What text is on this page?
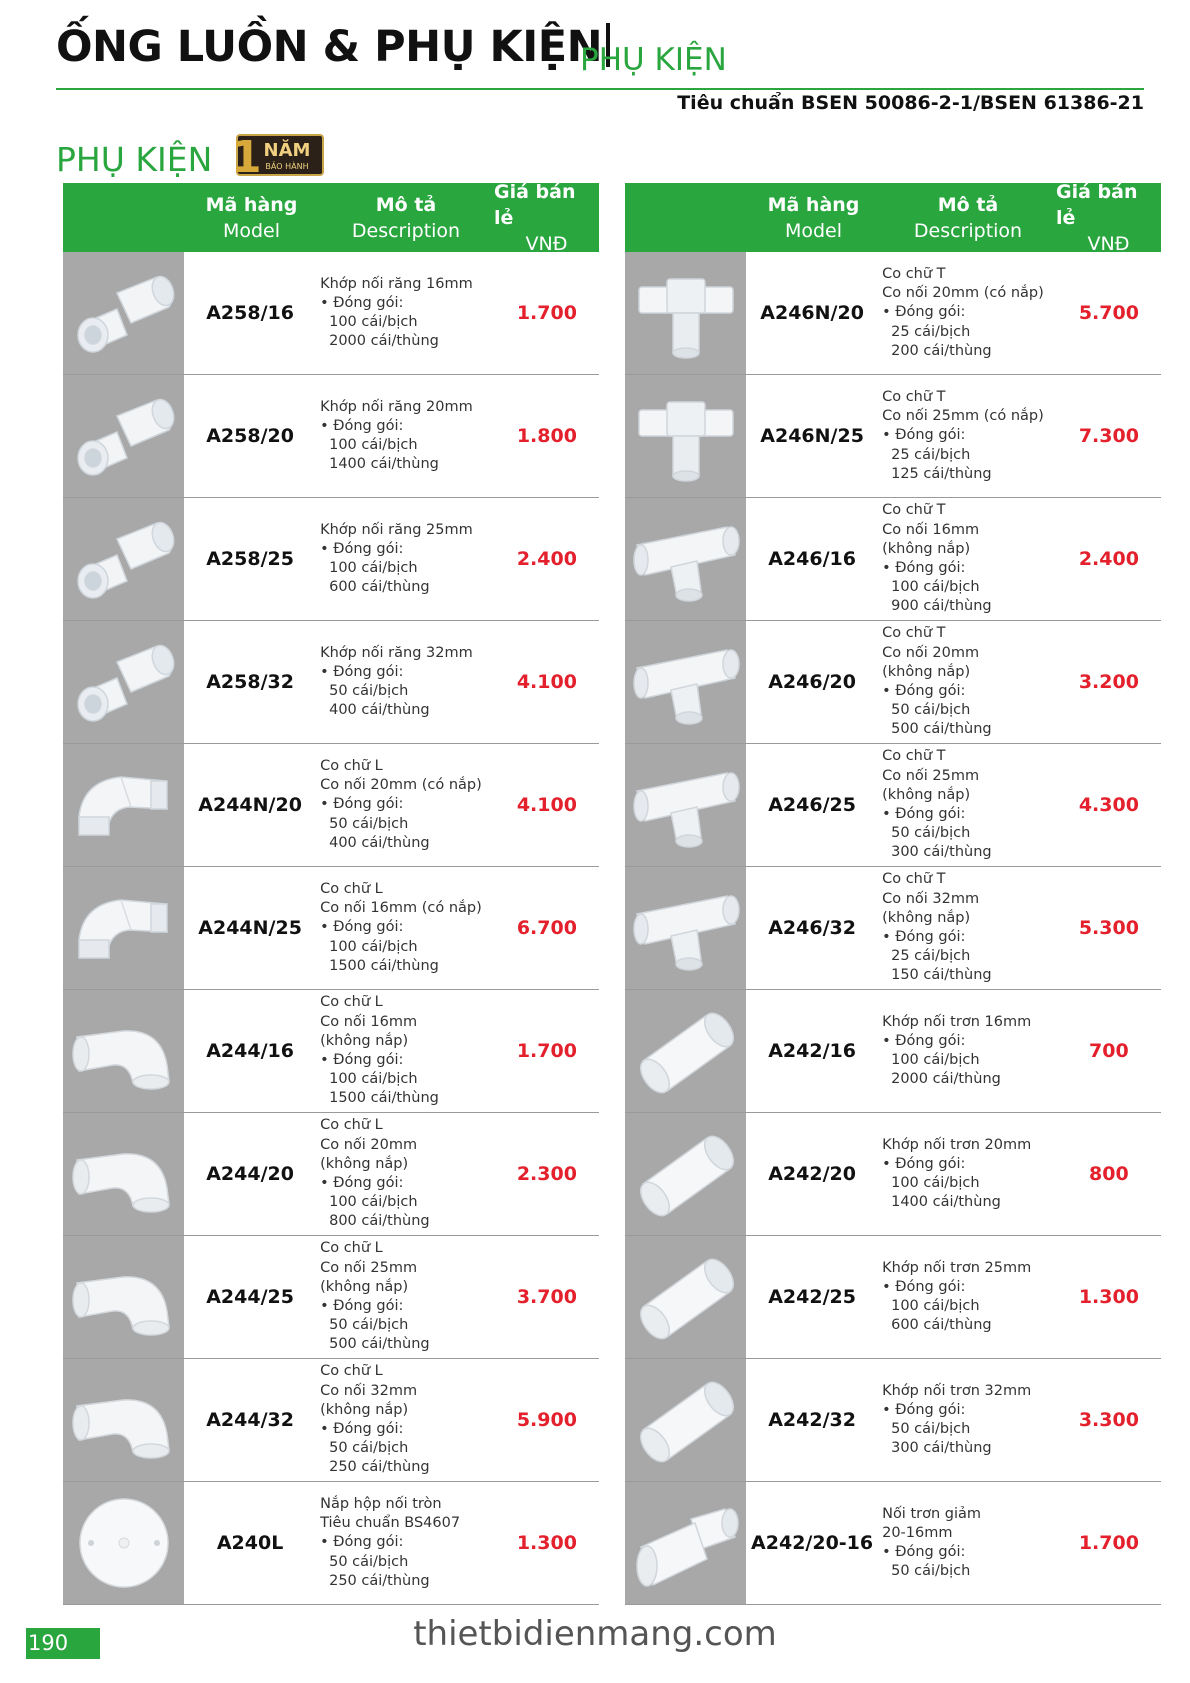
ỐNG LUỒN & PHỤ KIỆN
PHỤ KIỆN
Tiêu chuẩn BSEN 50086-2-1/BSEN 61386-21
PHỤ KIỆN 1 NĂM
BẢO HÀNH
Mã hàng
Model
Mô tả
Description
Giá bán lẻ
VNĐ
A258/16
Khớp nối răng 16mm
• Đóng gói:
100 cái/bịch
2000 cái/thùng
1.700
A258/20
Khớp nối răng 20mm
• Đóng gói:
100 cái/bịch
1400 cái/thùng
1.800
A258/25
Khớp nối răng 25mm
• Đóng gói:
100 cái/bịch
600 cái/thùng
2.400
A258/32
Khớp nối răng 32mm
• Đóng gói:
50 cái/bịch
400 cái/thùng
4.100
A244N/20
Co chữ L
Co nối 20mm (có nắp)
• Đóng gói:
50 cái/bịch
400 cái/thùng
4.100
A244N/25
Co chữ L
Co nối 16mm (có nắp)
• Đóng gói:
100 cái/bịch
1500 cái/thùng
6.700
A244/16
Co chữ L
Co nối 16mm
(không nắp)
• Đóng gói:
100 cái/bịch
1500 cái/thùng
1.700
A244/20
Co chữ L
Co nối 20mm
(không nắp)
• Đóng gói:
100 cái/bịch
800 cái/thùng
2.300
A244/25
Co chữ L
Co nối 25mm
(không nắp)
• Đóng gói:
50 cái/bịch
500 cái/thùng
3.700
A244/32
Co chữ L
Co nối 32mm
(không nắp)
• Đóng gói:
50 cái/bịch
250 cái/thùng
5.900
A240L
Nắp hộp nối tròn
Tiêu chuẩn BS4607
• Đóng gói:
50 cái/bịch
250 cái/thùng
1.300
Mã hàng
Model
Mô tả
Description
Giá bán lẻ
VNĐ
A246N/20
Co chữ T
Co nối 20mm (có nắp)
• Đóng gói:
25 cái/bịch
200 cái/thùng
5.700
A246N/25
Co chữ T
Co nối 25mm (có nắp)
• Đóng gói:
25 cái/bịch
125 cái/thùng
7.300
A246/16
Co chữ T
Co nối 16mm
(không nắp)
• Đóng gói:
100 cái/bịch
900 cái/thùng
2.400
A246/20
Co chữ T
Co nối 20mm
(không nắp)
• Đóng gói:
50 cái/bịch
500 cái/thùng
3.200
A246/25
Co chữ T
Co nối 25mm
(không nắp)
• Đóng gói:
50 cái/bịch
300 cái/thùng
4.300
A246/32
Co chữ T
Co nối 32mm
(không nắp)
• Đóng gói:
25 cái/bịch
150 cái/thùng
5.300
A242/16
Khớp nối trơn 16mm
• Đóng gói:
100 cái/bịch
2000 cái/thùng
700
A242/20
Khớp nối trơn 20mm
• Đóng gói:
100 cái/bịch
1400 cái/thùng
800
A242/25
Khớp nối trơn 25mm
• Đóng gói:
100 cái/bịch
600 cái/thùng
1.300
A242/32
Khớp nối trơn 32mm
• Đóng gói:
50 cái/bịch
300 cái/thùng
3.300
A242/20-16
Nối trơn giảm
20-16mm
• Đóng gói:
50 cái/bịch
1.700
190	thietbidienmang.com
